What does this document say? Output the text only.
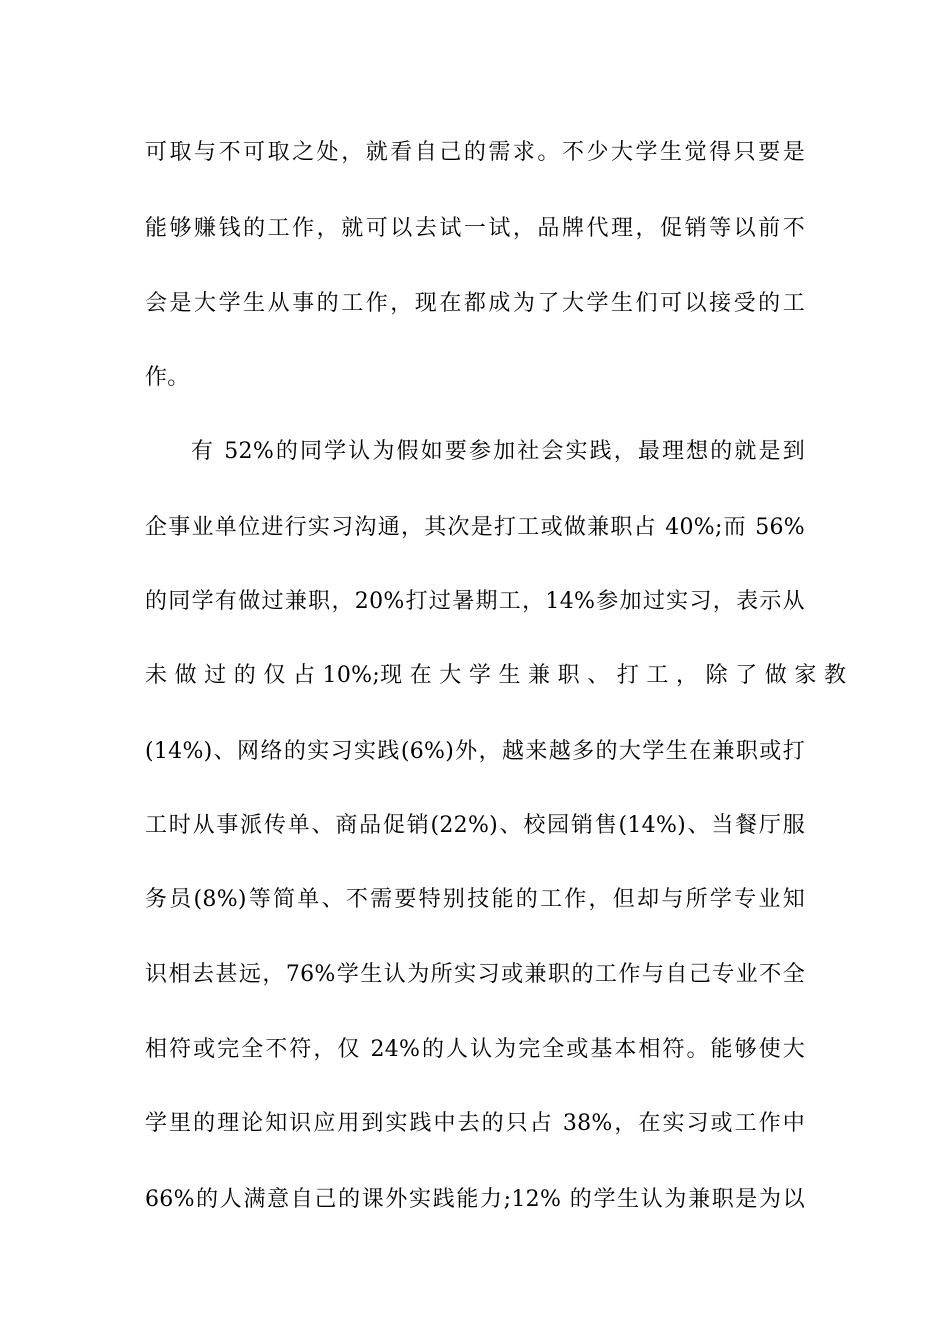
可取与不可取之处，就看自己的需求。不少大学生觉得只要是
能够赚钱的工作，就可以去试一试，品牌代理，促销等以前不
会是大学生从事的工作，现在都成为了大学生们可以接受的工
作。
有 52%的同学认为假如要参加社会实践，最理想的就是到
企事业单位进行实习沟通，其次是打工或做兼职占 40%;而 56%
的同学有做过兼职，20%打过暑期工，14%参加过实习，表示从
未 做 过 的 仅 占 10%;现 在 大 学 生 兼 职 、 打 工 ， 除 了 做 家 教
(14%)、网络的实习实践(6%)外，越来越多的大学生在兼职或打
工时从事派传单、商品促销(22%)、校园销售(14%)、当餐厅服
务员(8%)等简单、不需要特别技能的工作，但却与所学专业知
识相去甚远，76%学生认为所实习或兼职的工作与自己专业不全
相符或完全不符，仅 24%的人认为完全或基本相符。能够使大
学里的理论知识应用到实践中去的只占 38%，在实习或工作中
66%的人满意自己的课外实践能力;12% 的学生认为兼职是为以
